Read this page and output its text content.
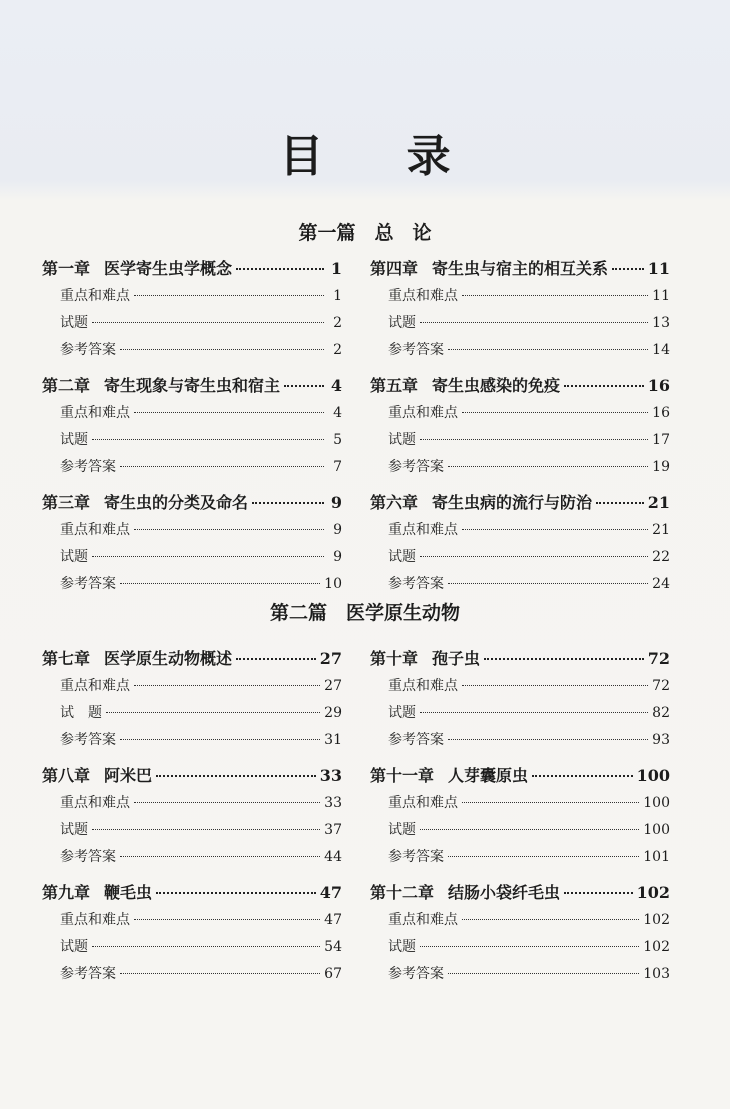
目 录
第一篇　总　论
第一章 医学寄生虫学概念	1
重点和难点	1
试题	2
参考答案	2
第二章 寄生现象与寄生虫和宿主	4
重点和难点	4
试题	5
参考答案	7
第三章 寄生虫的分类及命名	9
重点和难点	9
试题	9
参考答案	10
第四章 寄生虫与宿主的相互关系 11
重点和难点	11
试题	13
参考答案	14
第五章 寄生虫感染的免疫	16
重点和难点	16
试题	17
参考答案	19
第六章 寄生虫病的流行与防治	21
重点和难点	21
试题	22
参考答案	24
第二篇　医学原生动物
第七章 医学原生动物概述	27
重点和难点	27
试　题	29
参考答案	31
第八章 阿米巴	33
重点和难点	33
试题	37
参考答案	44
第九章 鞭毛虫	47
重点和难点	47
试题	54
参考答案	67
第十章 孢子虫	72
重点和难点	72
试题	82
参考答案	93
第十一章 人芽囊原虫	100
重点和难点	100
试题	100
参考答案	101
第十二章 结肠小袋纤毛虫	102
重点和难点	102
试题	102
参考答案	103
